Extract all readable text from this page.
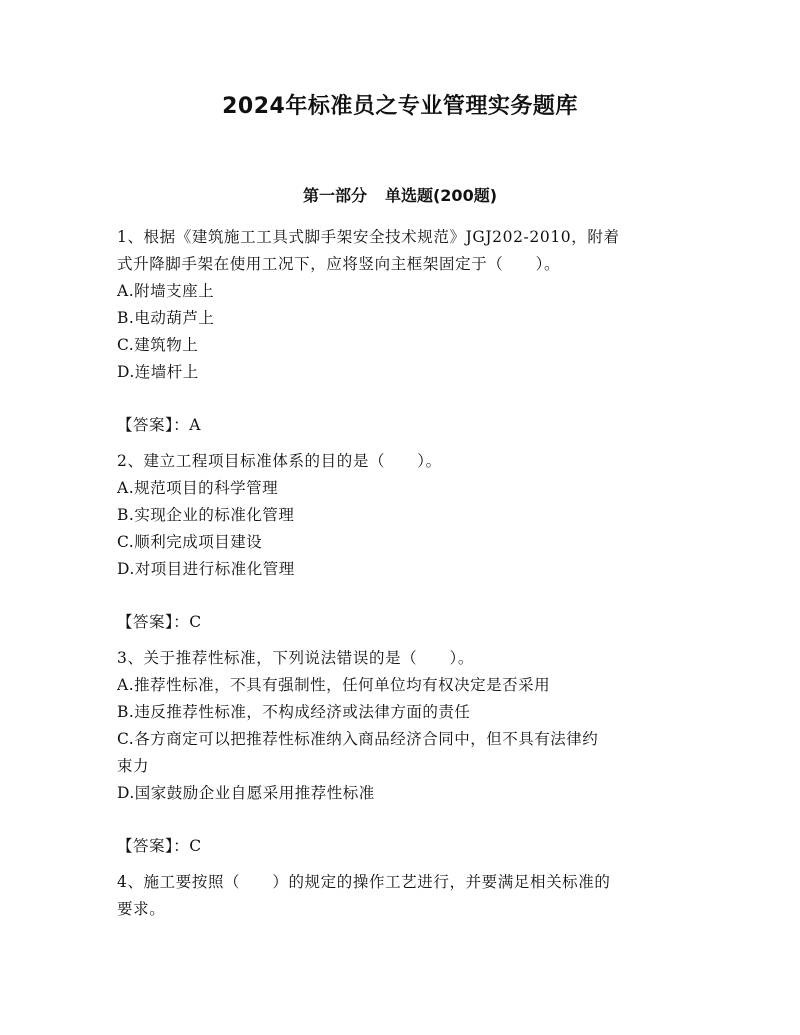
2024年标准员之专业管理实务题库
第一部分 单选题(200题)

1、根据《建筑施工工具式脚手架安全技术规范》JGJ202-2010，附着

式升降脚手架在使用工况下，应将竖向主框架固定于（　　）。

A.附墙支座上

B.电动葫芦上

C.建筑物上

D.连墙杆上

【答案】：A

2、建立工程项目标准体系的目的是（　　）。

A.规范项目的科学管理

B.实现企业的标准化管理

C.顺利完成项目建设

D.对项目进行标准化管理

【答案】：C

3、关于推荐性标准，下列说法错误的是（　　）。

A.推荐性标准，不具有强制性，任何单位均有权决定是否采用

B.违反推荐性标准，不构成经济或法律方面的责任

C.各方商定可以把推荐性标准纳入商品经济合同中，但不具有法律约

束力

D.国家鼓励企业自愿采用推荐性标准

【答案】：C

4、施工要按照（　　）的规定的操作工艺进行，并要满足相关标准的

要求。
